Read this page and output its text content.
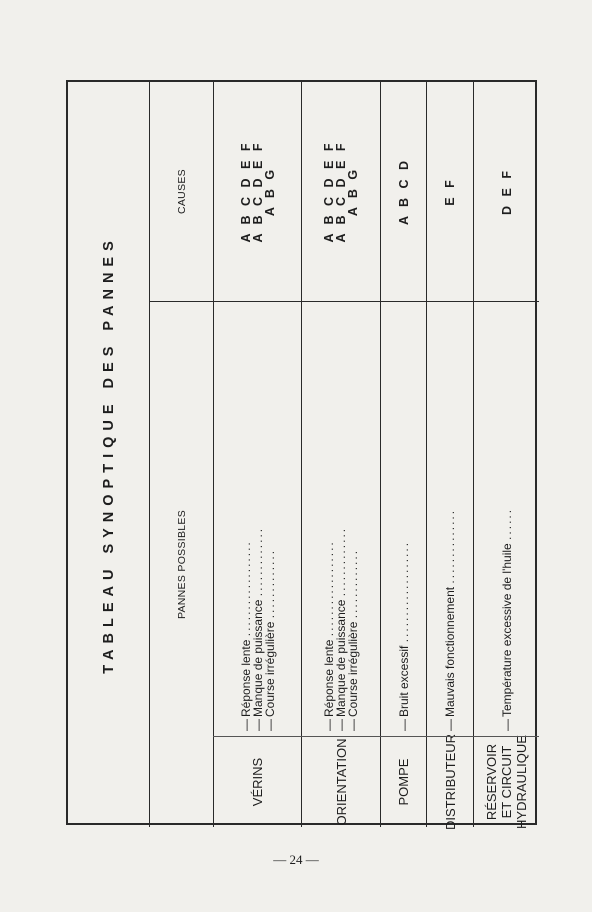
TABLEAU SYNOPTIQUE DES PANNES	PANNES POSSIBLES
CAUSES
VÉRINS
—Réponse lente ..................
—Manque de puissance .............
—Course irrégulière .............
A B C D E F
A B C D E F
A B G
ORIENTATION
—Réponse lente ..................
—Manque de puissance .............
—Course irrégulière .............
A B C D E F
A B C D E F
A B G
POMPE
—Bruit excessif ...................
A B C D
DISTRIBUTEUR
—Mauvais fonctionnement ..............
E F
RÉSERVOIR ET CIRCUIT HYDRAULIQUE
—Température excessive de l'huile ......
D E F
— 24 —
